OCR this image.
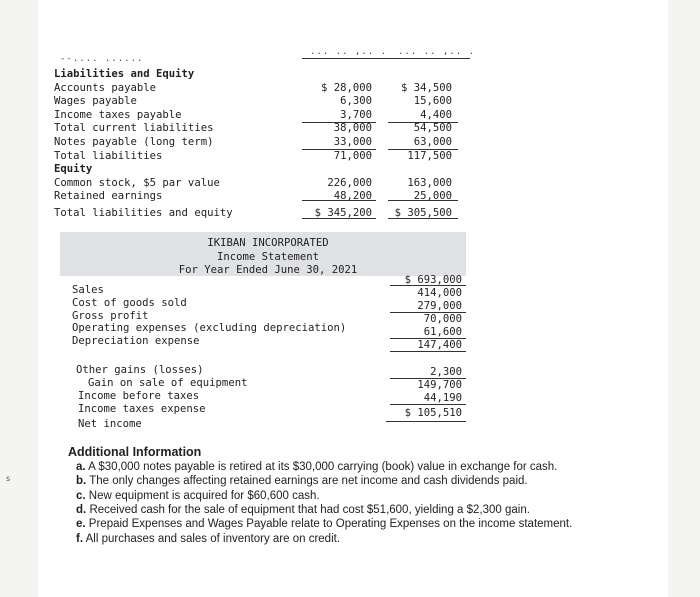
s
--.... ......
... .. ,.. . ... .. ,.. .
Liabilities and Equity
Accounts payable
Wages payable
Income taxes payable
Total current liabilities
Notes payable (long term)
Total liabilities
Equity
Common stock, $5 par value
Retained earnings
Total liabilities and equity
$ 28,000
6,300
3,700
38,000
33,000
71,000
226,000
48,200
$ 345,200
$ 34,500
15,600
4,400
54,500
63,000
117,500
163,000
25,000
$ 305,500
IKIBAN INCORPORATED
Income Statement
For Year Ended June 30, 2021
Sales
Cost of goods sold
Gross profit
Operating expenses (excluding depreciation)
Depreciation expense
Other gains (losses)
Gain on sale of equipment
Income before taxes
Income taxes expense
Net income
$ 693,000
414,000
279,000
70,000
61,600
147,400
2,300
149,700
44,190
$ 105,510
Additional Information
a. A $30,000 notes payable is retired at its $30,000 carrying (book) value in exchange for cash.
b. The only changes affecting retained earnings are net income and cash dividends paid.
c. New equipment is acquired for $60,600 cash.
d. Received cash for the sale of equipment that had cost $51,600, yielding a $2,300 gain.
e. Prepaid Expenses and Wages Payable relate to Operating Expenses on the income statement.
f. All purchases and sales of inventory are on credit.
